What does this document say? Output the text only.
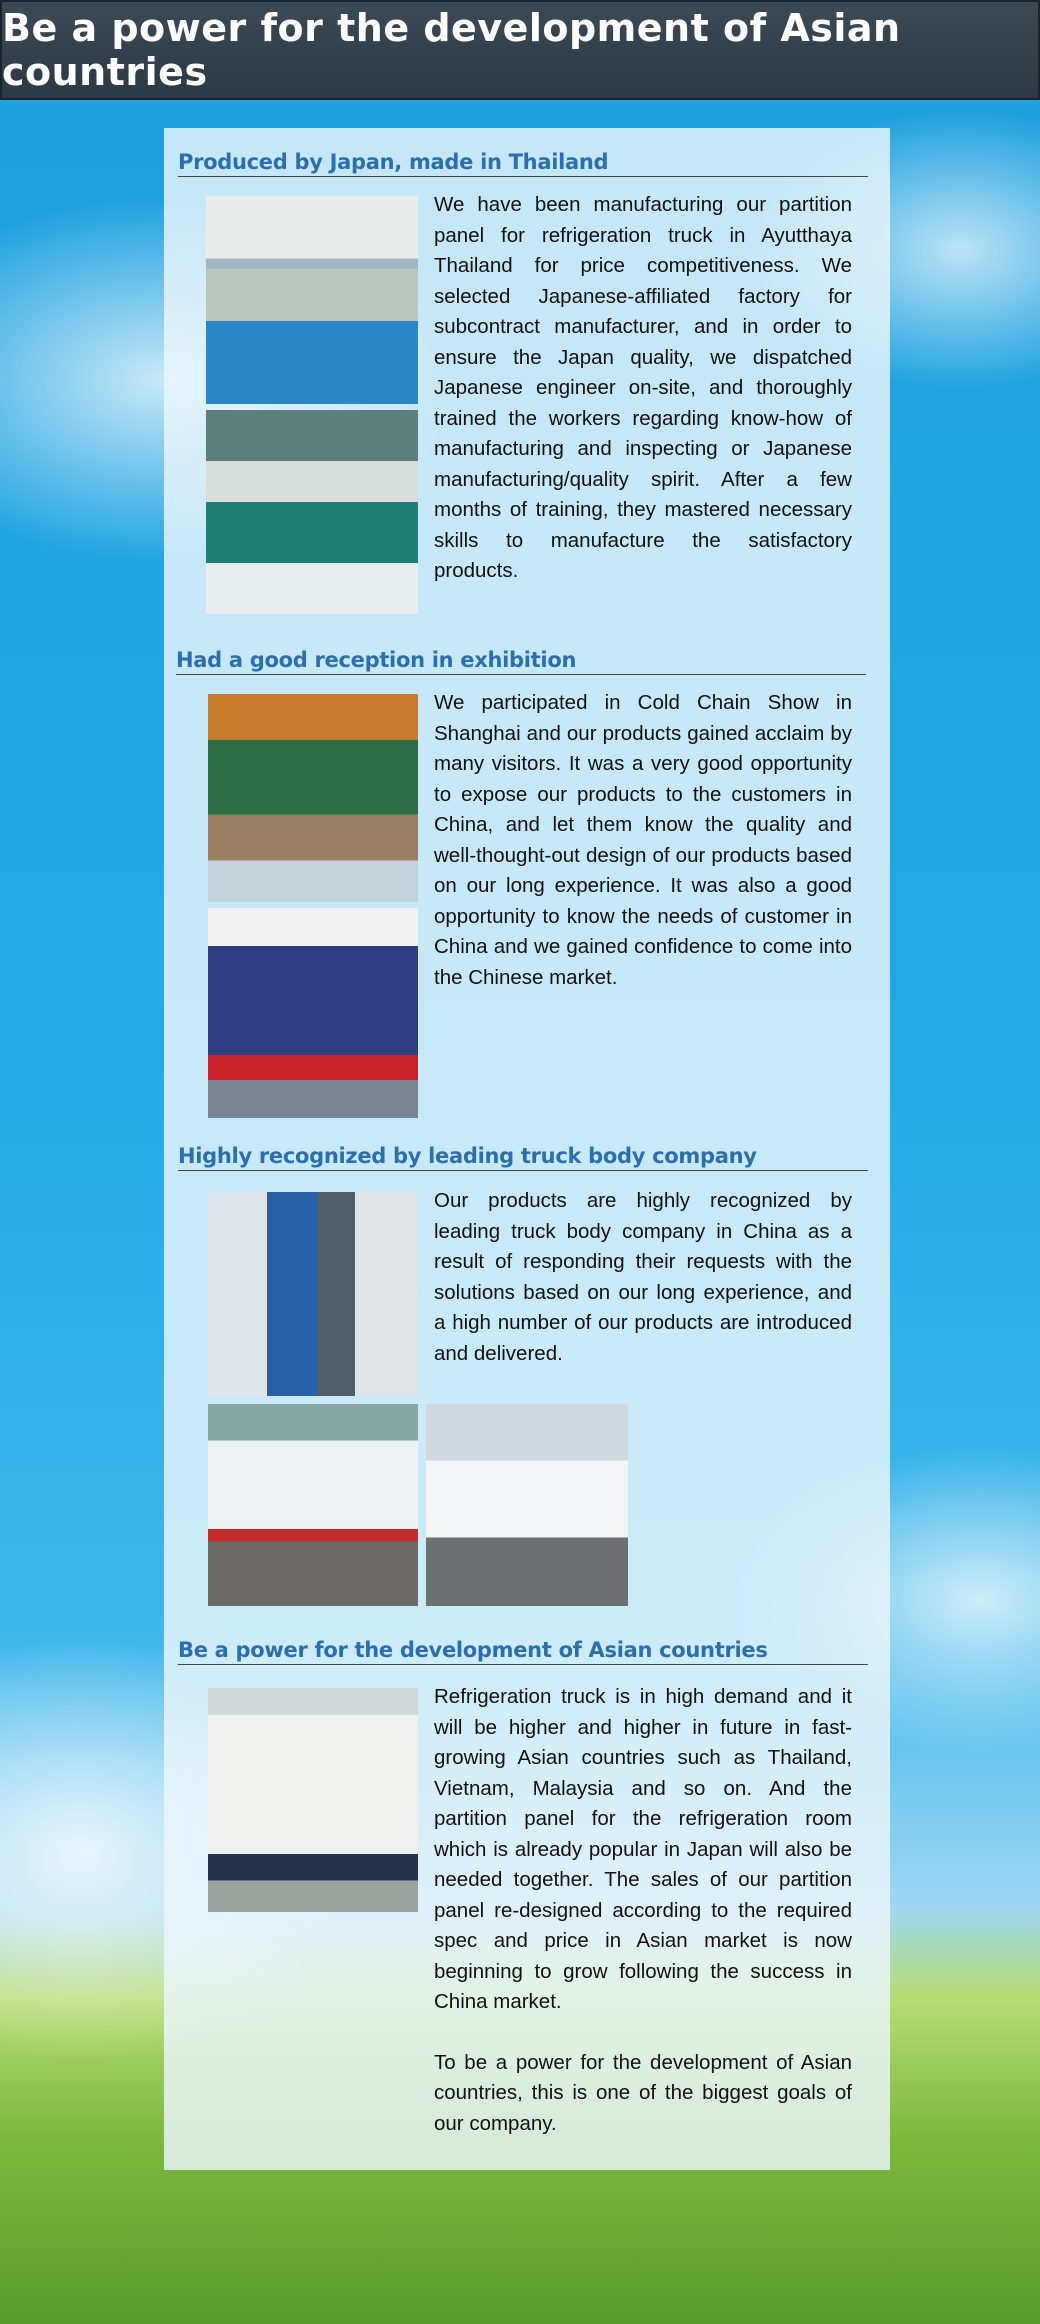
Be a power for the development of Asian countries
Produced by Japan, made in Thailand

We have been manufacturing our partition panel for refrigeration truck in Ayutthaya Thailand for price competitiveness. We selected Japanese-affiliated factory for subcontract manufacturer, and in order to ensure the Japan quality, we dispatched Japanese engineer on-site, and thoroughly trained the workers regarding know-how of manufacturing and inspecting or Japanese manufacturing/quality spirit. After a few months of training, they mastered necessary skills to manufacture the satisfactory products.

Had a good reception in exhibition

We participated in Cold Chain Show in Shanghai and our products gained acclaim by many visitors. It was a very good opportunity to expose our products to the customers in China, and let them know the quality and well-thought-out design of our products based on our long experience. It was also a good opportunity to know the needs of customer in China and we gained confidence to come into the Chinese market.

Highly recognized by leading truck body company

Our products are highly recognized by leading truck body company in China as a result of responding their requests with the solutions based on our long experience, and a high number of our products are introduced and delivered.

Be a power for the development of Asian countries

Refrigeration truck is in high demand and it will be higher and higher in future in fast-growing Asian countries such as Thailand, Vietnam, Malaysia and so on. And the partition panel for the refrigeration room which is already popular in Japan will also be needed together. The sales of our partition panel re-designed according to the required spec and price in Asian market is now beginning to grow following the success in China market.

To be a power for the development of Asian countries, this is one of the biggest goals of our company.
